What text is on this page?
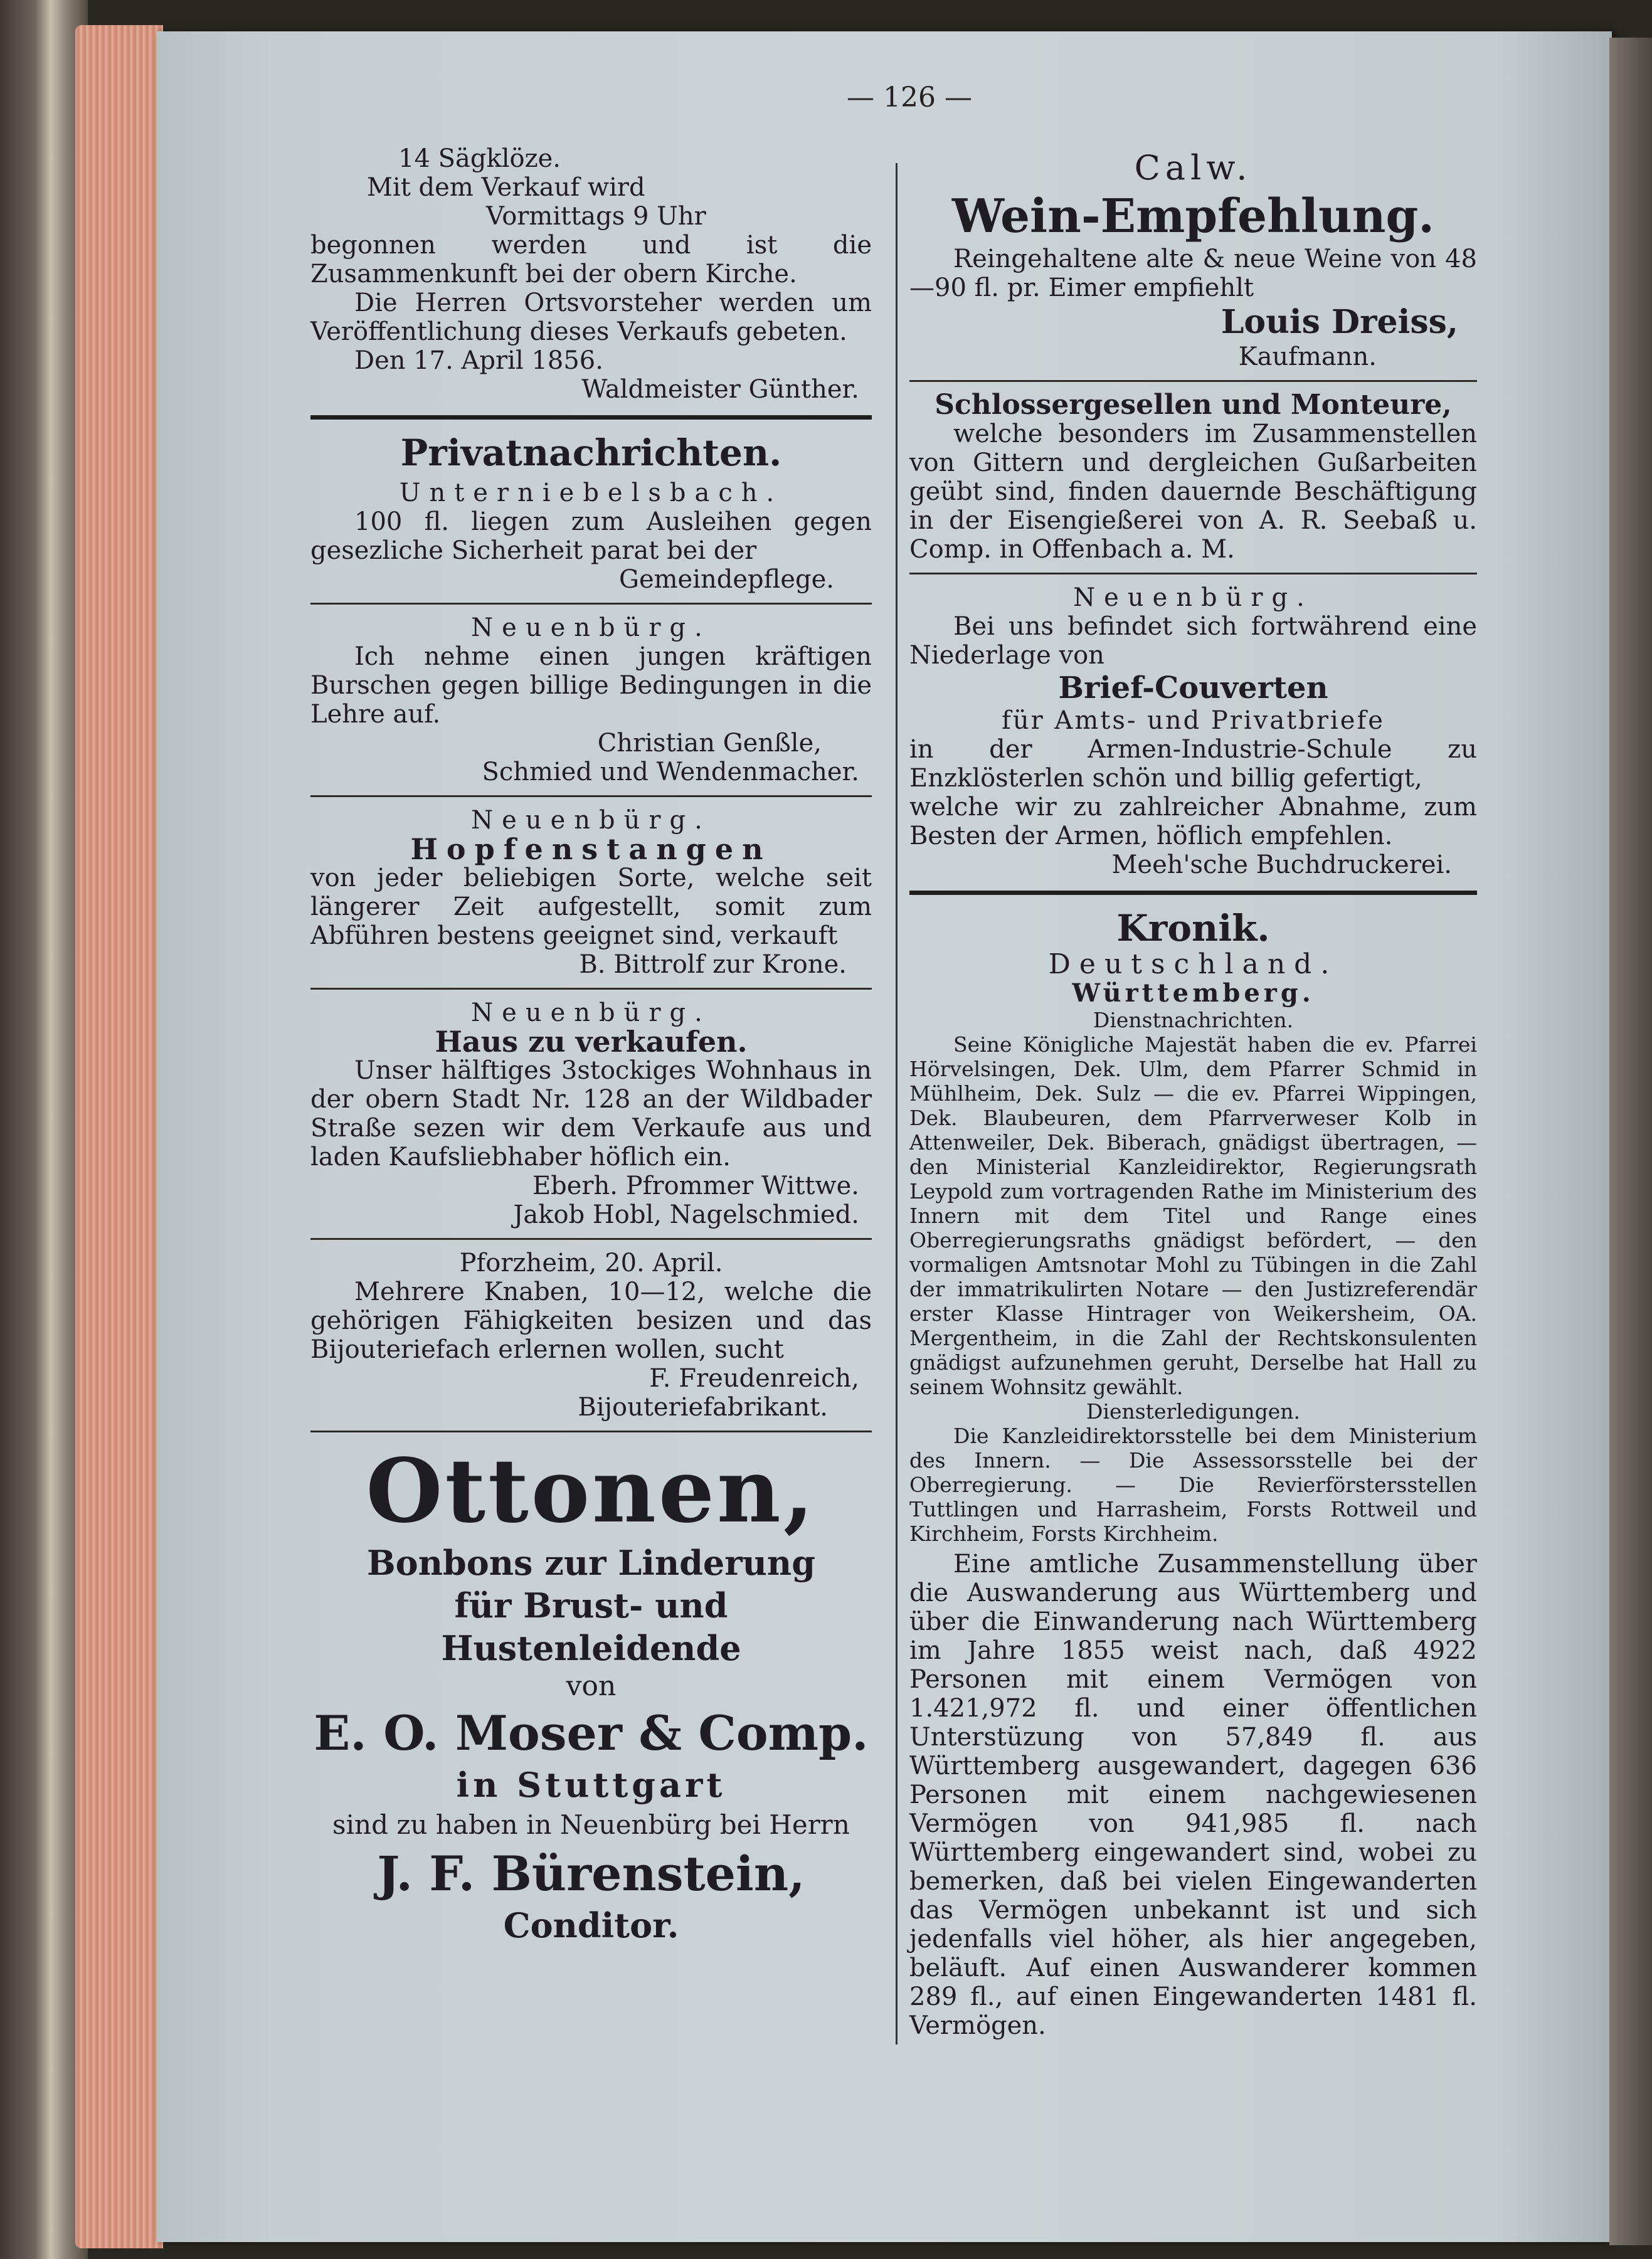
— 126 —

14 Sägklöze.

Mit dem Verkauf wird

Vormittags 9 Uhr

begonnen werden und ist die Zusammenkunft bei der obern Kirche.

Die Herren Ortsvorsteher werden um Veröffentlichung dieses Verkaufs gebeten.

Den 17. April 1856.

Waldmeister Günther.

Privatnachrichten.

Unterniebelsbach.

100 fl. liegen zum Ausleihen gegen gesezliche Sicherheit parat bei der

Gemeindepflege.

Neuenbürg.

Ich nehme einen jungen kräftigen Burschen gegen billige Bedingungen in die Lehre auf.

Christian Genßle,

Schmied und Wendenmacher.

Neuenbürg.

Hopfenstangen

von jeder beliebigen Sorte, welche seit längerer Zeit aufgestellt, somit zum Abführen bestens geeignet sind, verkauft

B. Bittrolf zur Krone.

Neuenbürg.

Haus zu verkaufen.

Unser hälftiges 3stockiges Wohnhaus in der obern Stadt Nr. 128 an der Wildbader Straße sezen wir dem Verkaufe aus und laden Kaufsliebhaber höflich ein.

Eberh. Pfrommer Wittwe.

Jakob Hobl, Nagelschmied.

Pforzheim, 20. April.

Mehrere Knaben, 10—12, welche die gehörigen Fähigkeiten besizen und das Bijouteriefach erlernen wollen, sucht

F. Freudenreich,

Bijouteriefabrikant.

Ottonen,

Bonbons zur Linderung

für Brust- und Hustenleidende

von

E. O. Moser & Comp.

in Stuttgart

sind zu haben in Neuenbürg bei Herrn

J. F. Bürenstein,

Conditor.

Calw.

Wein-Empfehlung.

Reingehaltene alte & neue Weine von 48—90 fl. pr. Eimer empfiehlt

Louis Dreiss,

Kaufmann.

Schlossergesellen und Monteure,

welche besonders im Zusammenstellen von Gittern und dergleichen Gußarbeiten geübt sind, finden dauernde Beschäftigung in der Eisengießerei von A. R. Seebaß u. Comp. in Offenbach a. M.

Neuenbürg.

Bei uns befindet sich fortwährend eine Niederlage von

Brief-Couverten

für Amts- und Privatbriefe

in der Armen-Industrie-Schule zu Enzklösterlen schön und billig gefertigt,

welche wir zu zahlreicher Abnahme, zum Besten der Armen, höflich empfehlen.

Meeh'sche Buchdruckerei.

Kronik.

Deutschland.

Württemberg.

Dienstnachrichten.

Seine Königliche Majestät haben die ev. Pfarrei Hörvelsingen, Dek. Ulm, dem Pfarrer Schmid in Mühlheim, Dek. Sulz — die ev. Pfarrei Wippingen, Dek. Blaubeuren, dem Pfarrverweser Kolb in Attenweiler, Dek. Biberach, gnädigst übertragen, — den Ministerial Kanzleidirektor, Regierungsrath Leypold zum vortragenden Rathe im Ministerium des Innern mit dem Titel und Range eines Oberregierungsraths gnädigst befördert, — den vormaligen Amtsnotar Mohl zu Tübingen in die Zahl der immatrikulirten Notare — den Justizreferendär erster Klasse Hintrager von Weikersheim, OA. Mergentheim, in die Zahl der Rechtskonsulenten gnädigst aufzunehmen geruht, Derselbe hat Hall zu seinem Wohnsitz gewählt.

Diensterledigungen.

Die Kanzleidirektorsstelle bei dem Ministerium des Innern. — Die Assessorsstelle bei der Oberregierung. — Die Revierförstersstellen Tuttlingen und Harrasheim, Forsts Rottweil und Kirchheim, Forsts Kirchheim.

Eine amtliche Zusammenstellung über die Auswanderung aus Württemberg und über die Einwanderung nach Württemberg im Jahre 1855 weist nach, daß 4922 Personen mit einem Vermögen von 1.421,972 fl. und einer öffentlichen Unterstüzung von 57,849 fl. aus Württemberg ausgewandert, dagegen 636 Personen mit einem nachgewiesenen Vermögen von 941,985 fl. nach Württemberg eingewandert sind, wobei zu bemerken, daß bei vielen Eingewanderten das Vermögen unbekannt ist und sich jedenfalls viel höher, als hier angegeben, beläuft. Auf einen Auswanderer kommen 289 fl., auf einen Eingewanderten 1481 fl. Vermögen.
